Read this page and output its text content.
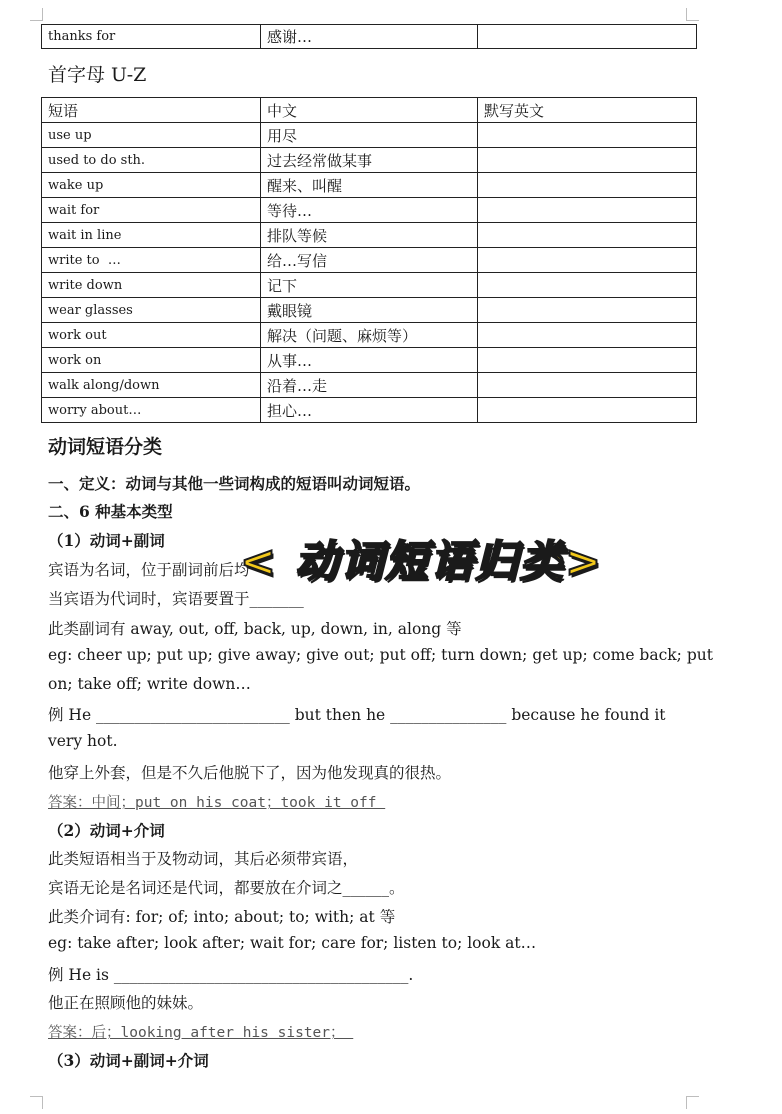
thanks for	感谢…	
首字母 U-Z
短语	中文	默写英文
use up	用尽	
used to do sth.	过去经常做某事	
wake up	醒来、叫醒	
wait for	等待…	
wait in line	排队等候	
write to  …	给…写信	
write down	记下	
wear glasses	戴眼镜	
work out	解决（问题、麻烦等）	
work on	从事…	
walk along/down	沿着…走	
worry about…	担心…	
动词短语分类
一、定义：动词与其他一些词构成的短语叫动词短语。
二、6 种基本类型
（1）动词+副词
宾语为名词，位于副词前后均
当宾语为代词时，宾语要置于_______
此类副词有 away, out, off, back, up, down, in, along 等
eg: cheer up; put up; give away; give out; put off; turn down; get up; come back; put
on; take off; write down…
例 He _________________________ but then he _______________ because he found it
very hot.
他穿上外套，但是不久后他脱下了，因为他发现真的很热。
答案：中间；put on his coat；took it off
（2）动词+介词
此类短语相当于及物动词，其后必须带宾语，
宾语无论是名词还是代词，都要放在介词之______。
此类介词有: for; of; into; about; to; with; at 等
eg: take after; look after; wait for; care for; listen to; look at…
例 He is ______________________________________.
他正在照顾他的妹妹。
答案：后；looking after his sister；
（3）动词+副词+介词
< 动词短语归类>
